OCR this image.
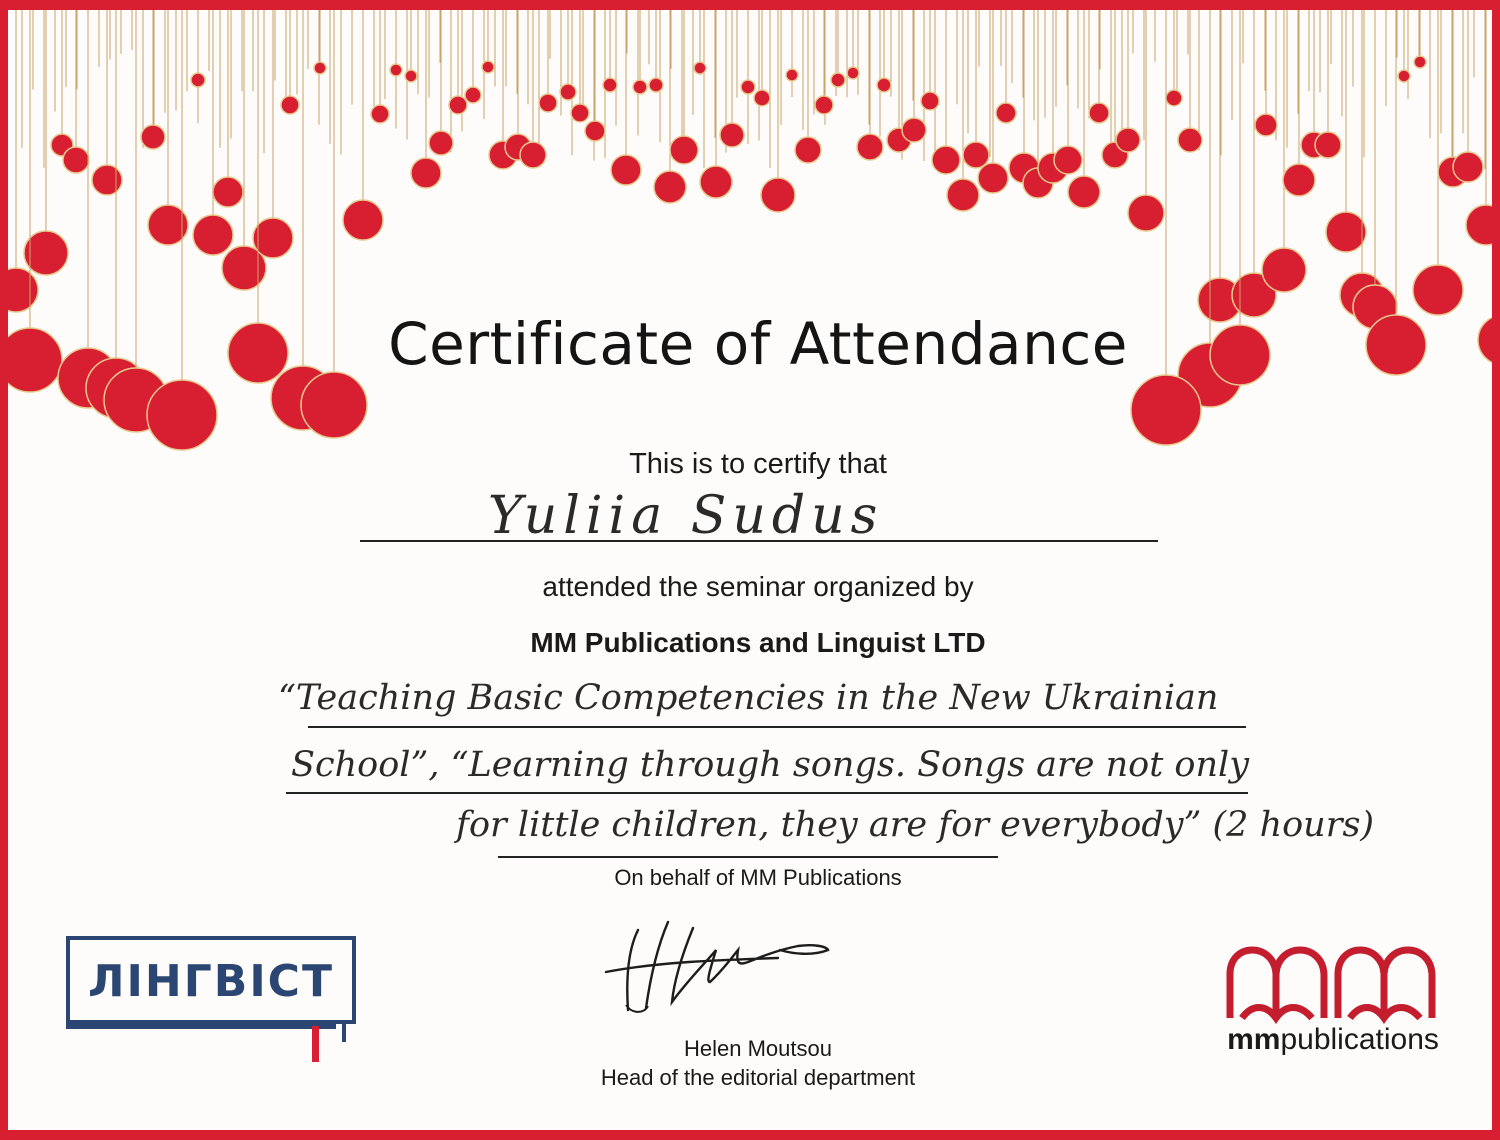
Certificate of Attendance
This is to certify that
Yuliia Sudus
attended the seminar organized by
MM Publications and Linguist LTD
“Teaching Basic Competencies in the New Ukrainian
School”, “Learning through songs. Songs are not only
for little children, they are for everybody” (2 hours)
On behalf of MM Publications
Helen Moutsou
Head of the editorial department
ЛІНГВІСТ
mmpublications
